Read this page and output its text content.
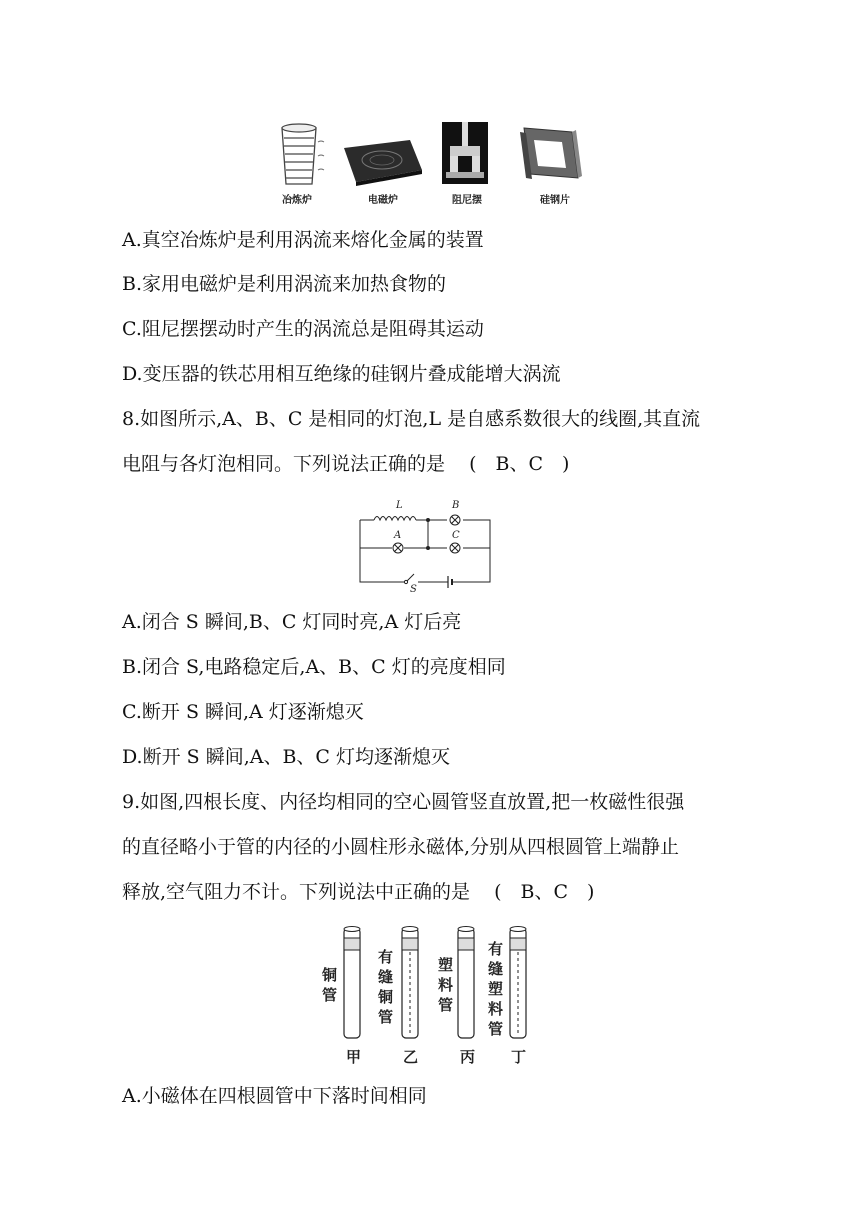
冶炼炉	电磁炉	阻尼摆	硅钢片
A.真空冶炼炉是利用涡流来熔化金属的装置
B.家用电磁炉是利用涡流来加热食物的
C.阻尼摆摆动时产生的涡流总是阻碍其运动
D.变压器的铁芯用相互绝缘的硅钢片叠成能增大涡流
8.如图所示,A、B、C 是相同的灯泡,L 是自感系数很大的线圈,其直流
电阻与各灯泡相同。下列说法正确的是 (　B、C　)
L	B
A	C
S
A.闭合 S 瞬间,B、C 灯同时亮,A 灯后亮
B.闭合 S,电路稳定后,A、B、C 灯的亮度相同
C.断开 S 瞬间,A 灯逐渐熄灭
D.断开 S 瞬间,A、B、C 灯均逐渐熄灭
9.如图,四根长度、内径均相同的空心圆管竖直放置,把一枚磁性很强
的直径略小于管的内径的小圆柱形永磁体,分别从四根圆管上端静止
释放,空气阻力不计。下列说法中正确的是 (　B、C　)
铜
管
甲
有
缝
铜
管
乙
塑
料
管
丙
有
缝
塑
料
管
丁
A.小磁体在四根圆管中下落时间相同
